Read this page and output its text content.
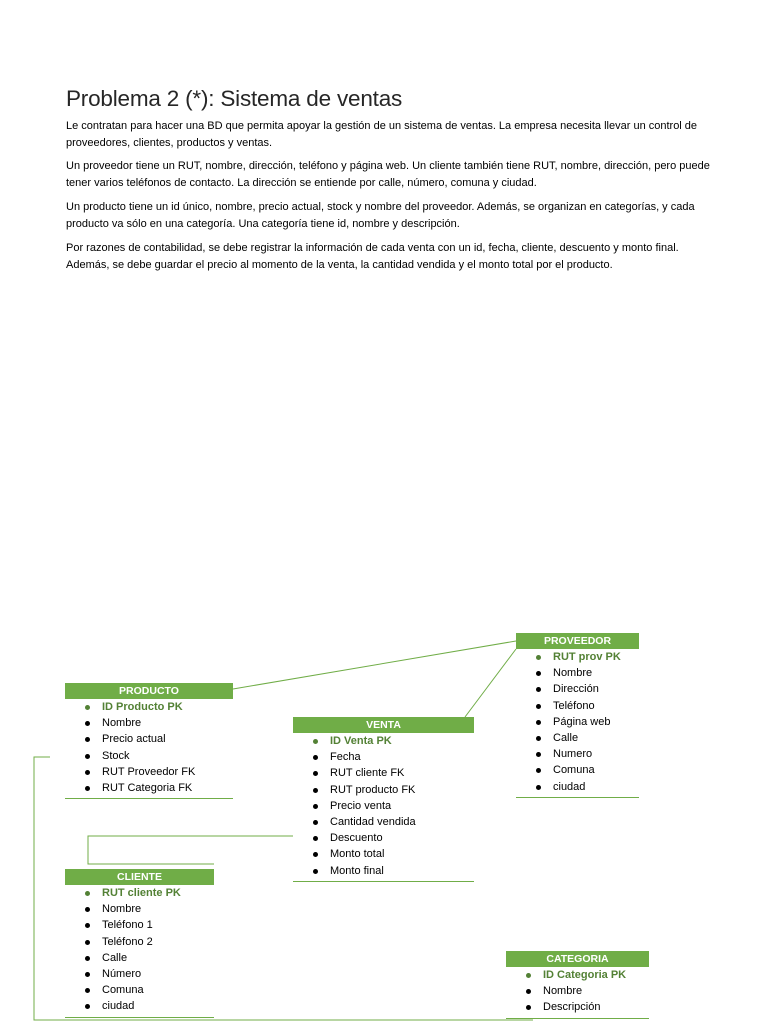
Problema 2 (*): Sistema de ventas

Le contratan para hacer una BD que permita apoyar la gestión de un sistema de ventas. La empresa necesita llevar un control de proveedores, clientes, productos y ventas.

Un proveedor tiene un RUT, nombre, dirección, teléfono y página web. Un cliente también tiene RUT, nombre, dirección, pero puede tener varios teléfonos de contacto. La dirección se entiende por calle, número, comuna y ciudad.

Un producto tiene un id único, nombre, precio actual, stock y nombre del proveedor. Además, se organizan en categorías, y cada producto va sólo en una categoría. Una categoría tiene id, nombre y descripción.

Por razones de contabilidad, se debe registrar la información de cada venta con un id, fecha, cliente, descuento y monto final. Además, se debe guardar el precio al momento de la venta, la cantidad vendida y el monto total por el producto.

PRODUCTO
ID Producto PK
Nombre
Precio actual
Stock
RUT Proveedor FK
RUT Categoria FK
VENTA
ID Venta PK
Fecha
RUT cliente FK
RUT producto FK
Precio venta
Cantidad vendida
Descuento
Monto total
Monto final
PROVEEDOR
RUT prov PK
Nombre
Dirección
Teléfono
Página web
Calle
Numero
Comuna
ciudad
CLIENTE
RUT cliente PK
Nombre
Teléfono 1
Teléfono 2
Calle
Número
Comuna
ciudad
CATEGORIA
ID Categoria PK
Nombre
Descripción
